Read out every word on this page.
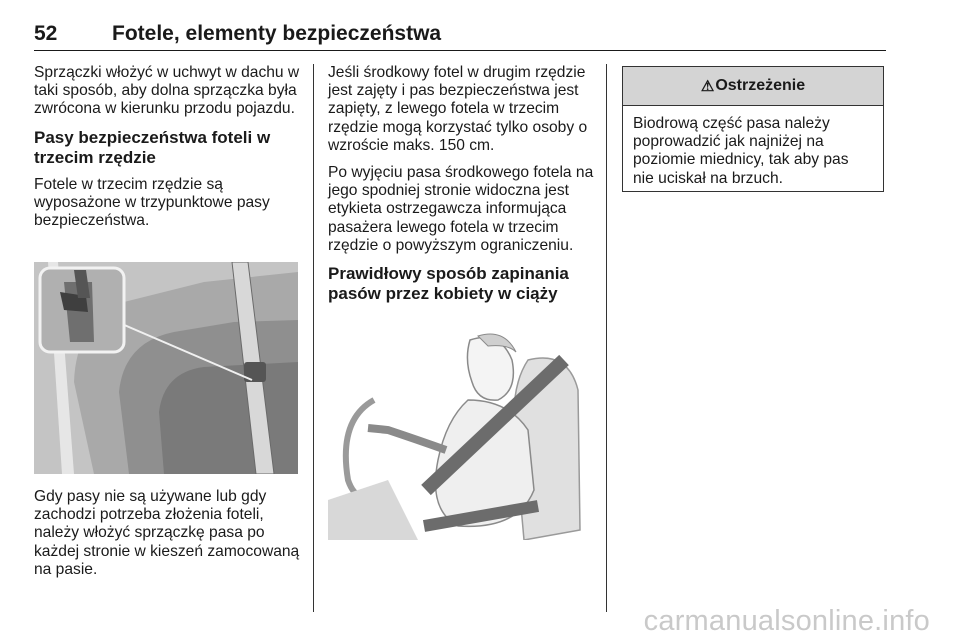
52	Fotele, elementy bezpieczeństwa

Sprzączki włożyć w uchwyt w dachu w taki sposób, aby dolna sprzączka była zwrócona w kierunku przodu pojazdu.

Pasy bezpieczeństwa foteli w trzecim rzędzie

Fotele w trzecim rzędzie są wyposażone w trzypunktowe pasy bezpieczeństwa.

Gdy pasy nie są używane lub gdy zachodzi potrzeba złożenia foteli, należy włożyć sprzączkę pasa po każdej stronie w kieszeń zamocowaną na pasie.

Jeśli środkowy fotel w drugim rzędzie jest zajęty i pas bezpieczeństwa jest zapięty, z lewego fotela w trzecim rzędzie mogą korzystać tylko osoby o wzroście maks. 150 cm.

Po wyjęciu pasa środkowego fotela na jego spodniej stronie widoczna jest etykieta ostrzegawcza informująca pasażera lewego fotela w trzecim rzędzie o powyższym ograniczeniu.

Prawidłowy sposób zapinania pasów przez kobiety w ciąży
⚠ Ostrzeżenie
Biodrową część pasa należy poprowadzić jak najniżej na poziomie miednicy, tak aby pas nie uciskał na brzuch.
carmanualsonline.info
